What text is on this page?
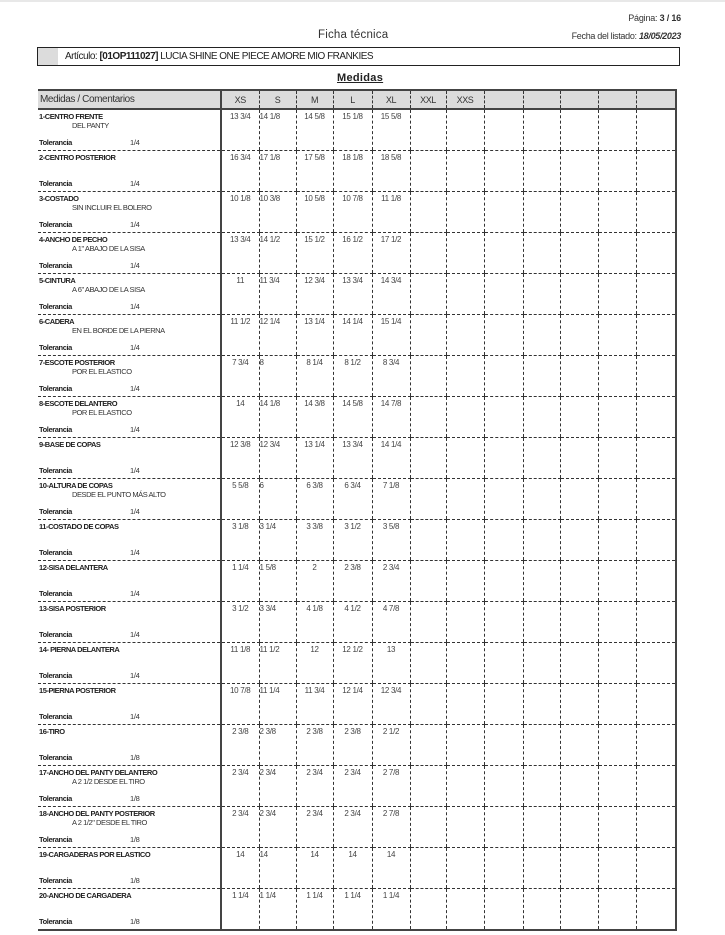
Página: 3 / 16
Ficha técnica	Fecha del listado: 18/05/2023
Artículo: [01OP111027] LUCIA SHINE ONE PIECE AMORE MIO FRANKIES
Medidas
Medidas / Comentarios	XS	S	M	L	XL	XXL	XXS					

1-CENTRO FRENTE
DEL PANTY
Tolerancia 1/4	13 3/4	14 1/8	14 5/8	15 1/8	15 5/8							

2-CENTRO POSTERIOR
Tolerancia 1/4	16 3/4	17 1/8	17 5/8	18 1/8	18 5/8							

3-COSTADO
SIN INCLUIR EL BOLERO
Tolerancia 1/4	10 1/8	10 3/8	10 5/8	10 7/8	11 1/8							

4-ANCHO DE PECHO
A 1" ABAJO DE LA SISA
Tolerancia 1/4	13 3/4	14 1/2	15 1/2	16 1/2	17 1/2							

5-CINTURA
A 6" ABAJO DE LA SISA
Tolerancia 1/4	11	11 3/4	12 3/4	13 3/4	14 3/4							

6-CADERA
EN EL BORDE DE LA PIERNA
Tolerancia 1/4	11 1/2	12 1/4	13 1/4	14 1/4	15 1/4							

7-ESCOTE POSTERIOR
POR EL ELASTICO
Tolerancia 1/4	7 3/4	8	8 1/4	8 1/2	8 3/4							

8-ESCOTE DELANTERO
POR EL ELASTICO
Tolerancia 1/4	14	14 1/8	14 3/8	14 5/8	14 7/8							

9-BASE DE COPAS
Tolerancia 1/4	12 3/8	12 3/4	13 1/4	13 3/4	14 1/4							

10-ALTURA DE COPAS
DESDE EL PUNTO MÁS ALTO
Tolerancia 1/4	5 5/8	6	6 3/8	6 3/4	7 1/8							

11-COSTADO DE COPAS
Tolerancia 1/4	3 1/8	3 1/4	3 3/8	3 1/2	3 5/8							

12-SISA DELANTERA
Tolerancia 1/4	1 1/4	1 5/8	2	2 3/8	2 3/4							

13-SISA POSTERIOR
Tolerancia 1/4	3 1/2	3 3/4	4 1/8	4 1/2	4 7/8							

14- PIERNA DELANTERA
Tolerancia 1/4	11 1/8	11 1/2	12	12 1/2	13							

15-PIERNA POSTERIOR
Tolerancia 1/4	10 7/8	11 1/4	11 3/4	12 1/4	12 3/4							

16-TIRO
Tolerancia 1/8	2 3/8	2 3/8	2 3/8	2 3/8	2 1/2							

17-ANCHO DEL PANTY DELANTERO
A 2 1/2 DESDE EL TIRO
Tolerancia 1/8	2 3/4	2 3/4	2 3/4	2 3/4	2 7/8							

18-ANCHO DEL PANTY POSTERIOR
A 2 1/2" DESDE EL TIRO
Tolerancia 1/8	2 3/4	2 3/4	2 3/4	2 3/4	2 7/8							

19-CARGADERAS POR ELASTICO
Tolerancia 1/8	14	14	14	14	14							

20-ANCHO DE CARGADERA
Tolerancia 1/8	1 1/4	1 1/4	1 1/4	1 1/4	1 1/4							
